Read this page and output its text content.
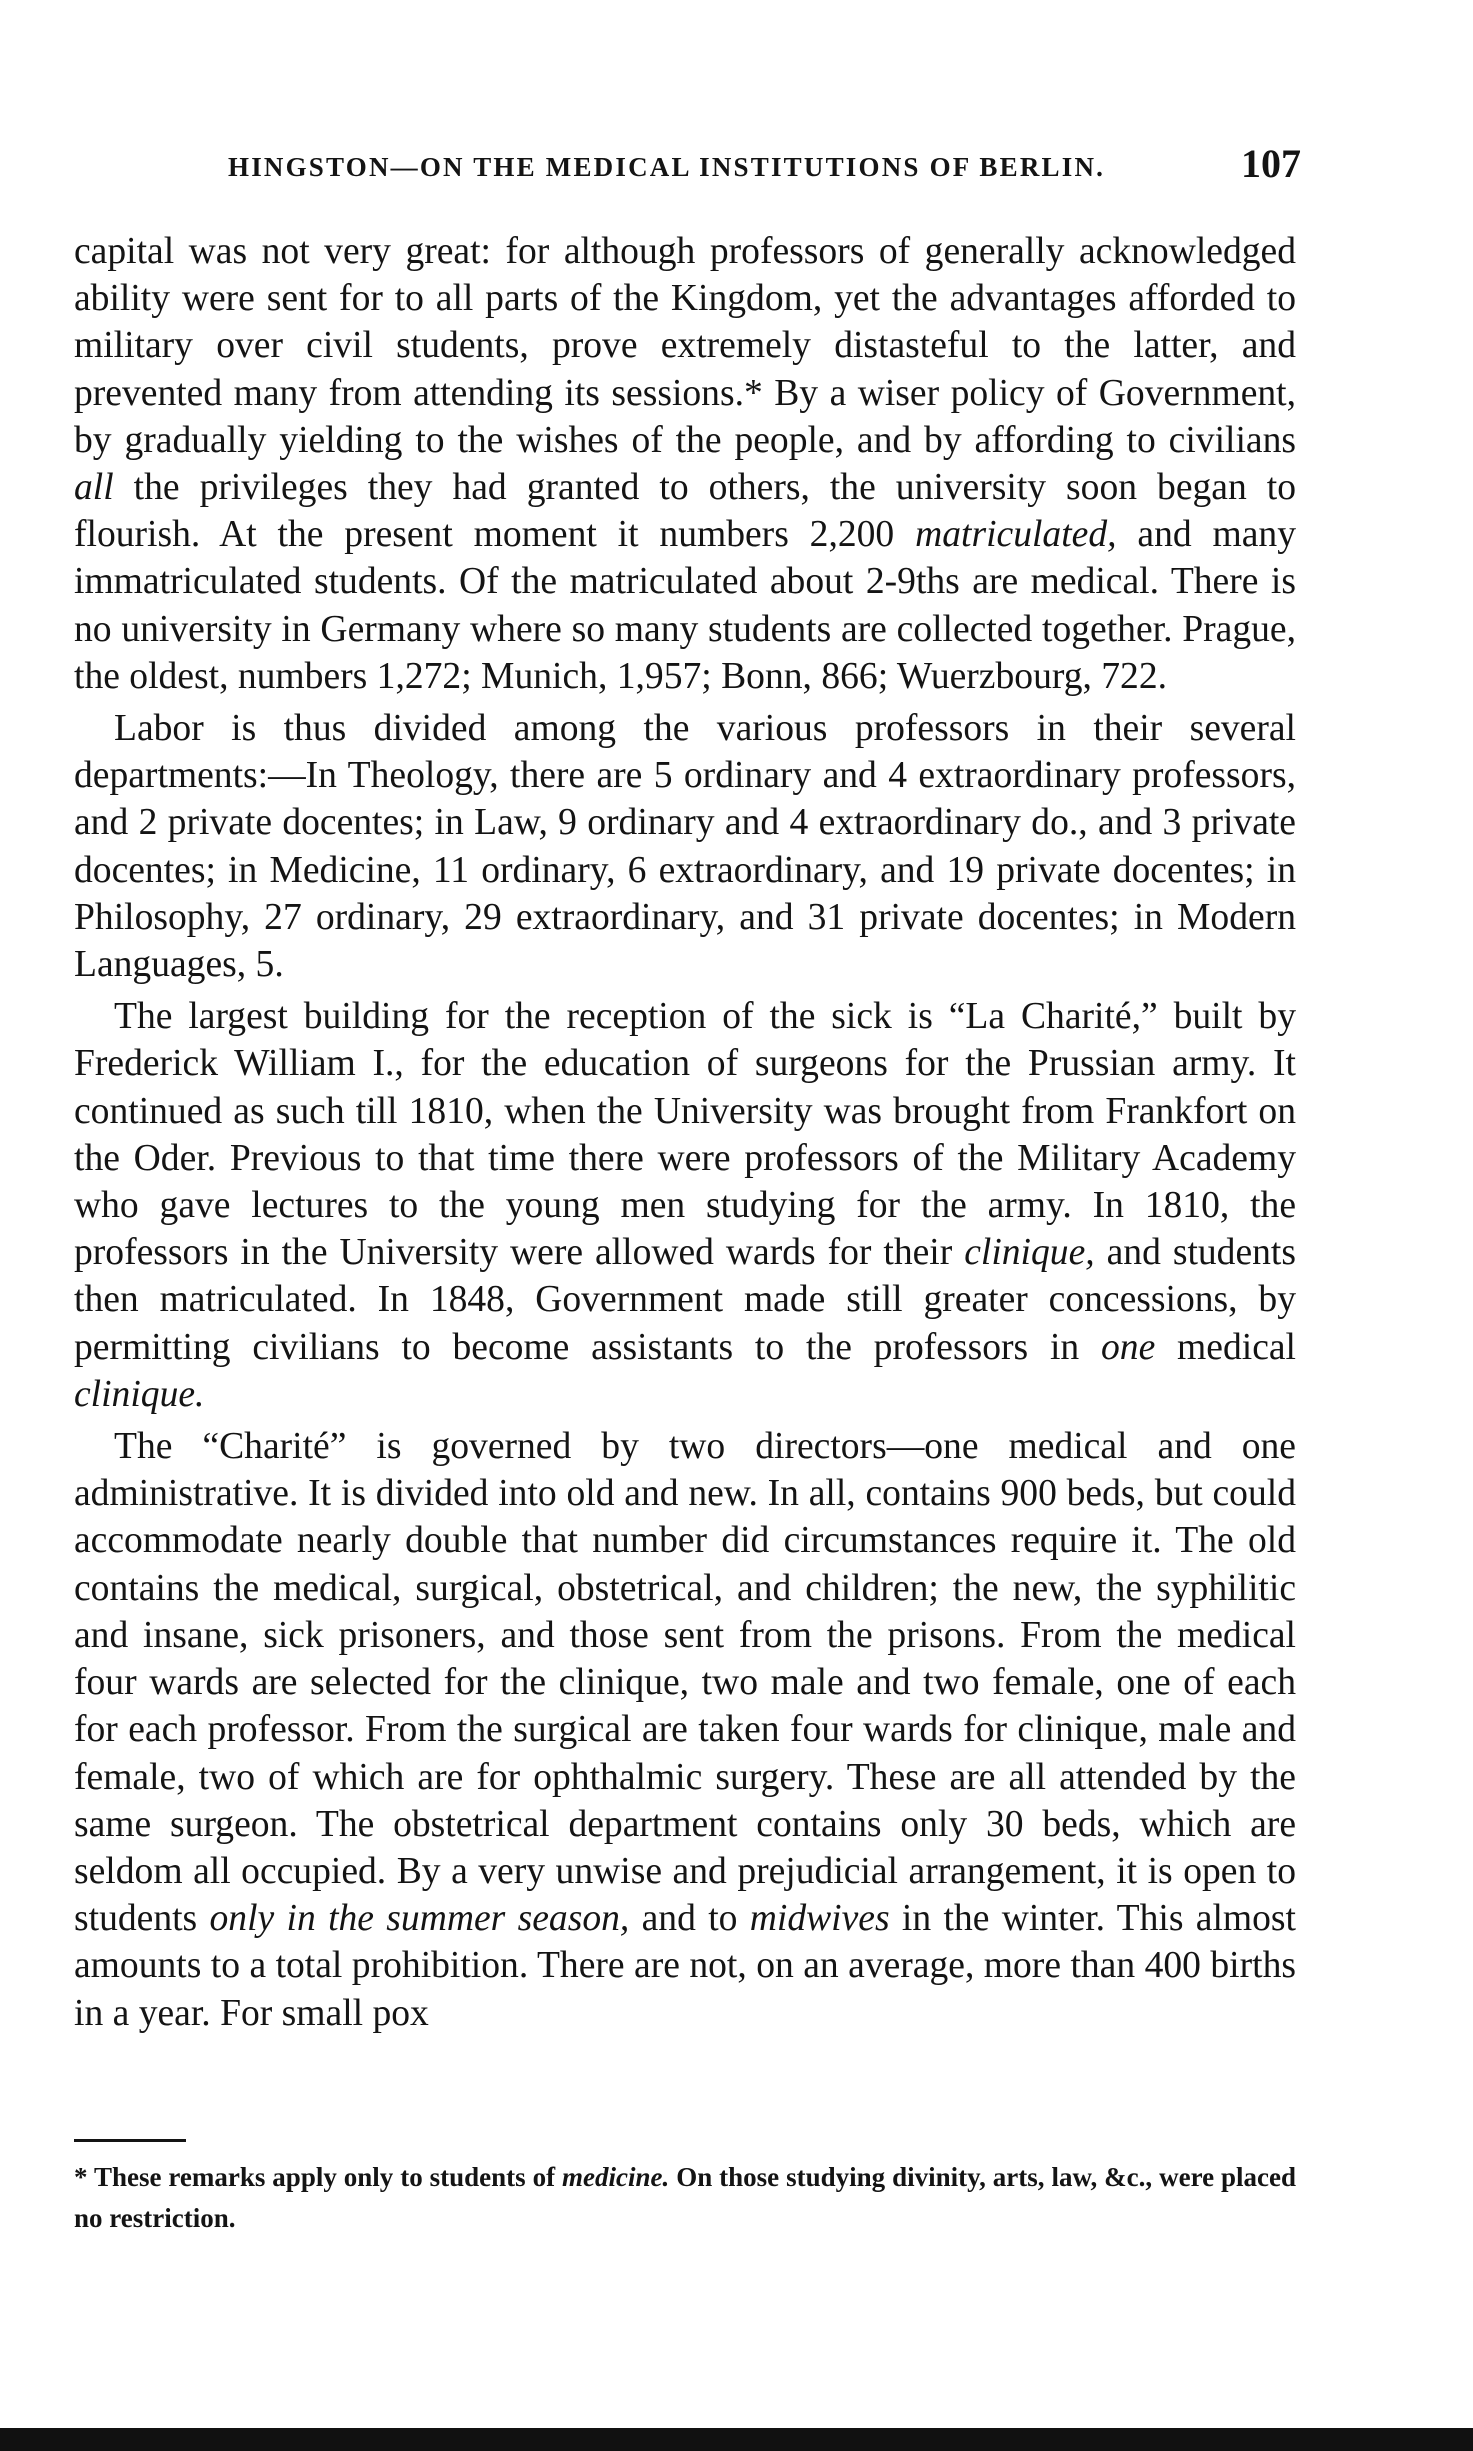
HINGSTON—ON THE MEDICAL INSTITUTIONS OF BERLIN.	107

capital was not very great: for although professors of generally acknowledged ability were sent for to all parts of the Kingdom, yet the advantages afforded to military over civil students, prove extremely distasteful to the latter, and prevented many from attending its sessions.* By a wiser policy of Government, by gradually yielding to the wishes of the people, and by affording to civilians all the privileges they had granted to others, the university soon began to flourish. At the present moment it numbers 2,200 matriculated, and many immatriculated students. Of the matriculated about 2-9ths are medical. There is no university in Germany where so many students are collected together. Prague, the oldest, numbers 1,272; Munich, 1,957; Bonn, 866; Wuerzbourg, 722.

Labor is thus divided among the various professors in their several departments:—In Theology, there are 5 ordinary and 4 extraordinary professors, and 2 private docentes; in Law, 9 ordinary and 4 extraordinary do., and 3 private docentes; in Medicine, 11 ordinary, 6 extraordinary, and 19 private docentes; in Philosophy, 27 ordinary, 29 extraordinary, and 31 private docentes; in Modern Languages, 5.

The largest building for the reception of the sick is “La Charité,” built by Frederick William I., for the education of surgeons for the Prussian army. It continued as such till 1810, when the University was brought from Frankfort on the Oder. Previous to that time there were professors of the Military Academy who gave lectures to the young men studying for the army. In 1810, the professors in the University were allowed wards for their clinique, and students then matriculated. In 1848, Government made still greater concessions, by permitting civilians to become assistants to the professors in one medical clinique.

The “Charité” is governed by two directors—one medical and one administrative. It is divided into old and new. In all, contains 900 beds, but could accommodate nearly double that number did circumstances require it. The old contains the medical, surgical, obstetrical, and children; the new, the syphilitic and insane, sick prisoners, and those sent from the prisons. From the medical four wards are selected for the clinique, two male and two female, one of each for each professor. From the surgical are taken four wards for clinique, male and female, two of which are for ophthalmic surgery. These are all attended by the same surgeon. The obstetrical department contains only 30 beds, which are seldom all occupied. By a very unwise and prejudicial arrangement, it is open to students only in the summer season, and to midwives in the winter. This almost amounts to a total prohibition. There are not, on an average, more than 400 births in a year. For small pox

* These remarks apply only to students of medicine. On those studying divinity, arts, law, &c., were placed no restriction.
